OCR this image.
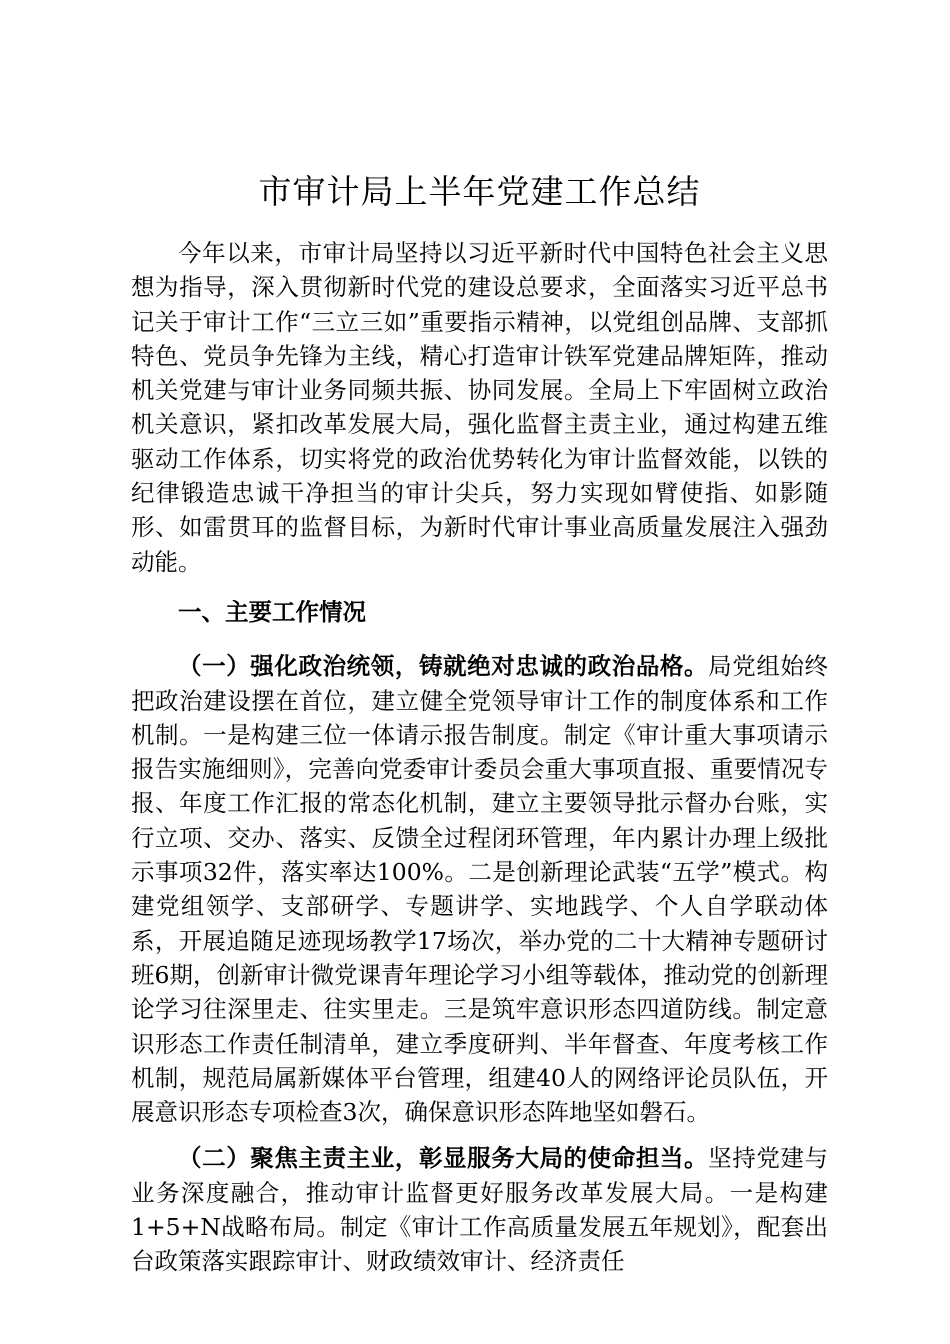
市审计局上半年党建工作总结

今年以来，市审计局坚持以习近平新时代中国特色社会主义思想为指导，深入贯彻新时代党的建设总要求，全面落实习近平总书记关于审计工作“三立三如”重要指示精神，以党组创品牌、支部抓特色、党员争先锋为主线，精心打造审计铁军党建品牌矩阵，推动机关党建与审计业务同频共振、协同发展。全局上下牢固树立政治机关意识，紧扣改革发展大局，强化监督主责主业，通过构建五维驱动工作体系，切实将党的政治优势转化为审计监督效能，以铁的纪律锻造忠诚干净担当的审计尖兵，努力实现如臂使指、如影随形、如雷贯耳的监督目标，为新时代审计事业高质量发展注入强劲动能。

一、主要工作情况

（一）强化政治统领，铸就绝对忠诚的政治品格。局党组始终把政治建设摆在首位，建立健全党领导审计工作的制度体系和工作机制。一是构建三位一体请示报告制度。制定《审计重大事项请示报告实施细则》，完善向党委审计委员会重大事项直报、重要情况专报、年度工作汇报的常态化机制，建立主要领导批示督办台账，实行立项、交办、落实、反馈全过程闭环管理，年内累计办理上级批示事项32件，落实率达100%。二是创新理论武装“五学”模式。构建党组领学、支部研学、专题讲学、实地践学、个人自学联动体系，开展追随足迹现场教学17场次，举办党的二十大精神专题研讨班6期，创新审计微党课青年理论学习小组等载体，推动党的创新理论学习往深里走、往实里走。三是筑牢意识形态四道防线。制定意识形态工作责任制清单，建立季度研判、半年督查、年度考核工作机制，规范局属新媒体平台管理，组建40人的网络评论员队伍，开展意识形态专项检查3次，确保意识形态阵地坚如磐石。

（二）聚焦主责主业，彰显服务大局的使命担当。坚持党建与业务深度融合，推动审计监督更好服务改革发展大局。一是构建1+5+N战略布局。制定《审计工作高质量发展五年规划》，配套出台政策落实跟踪审计、财政绩效审计、经济责任
